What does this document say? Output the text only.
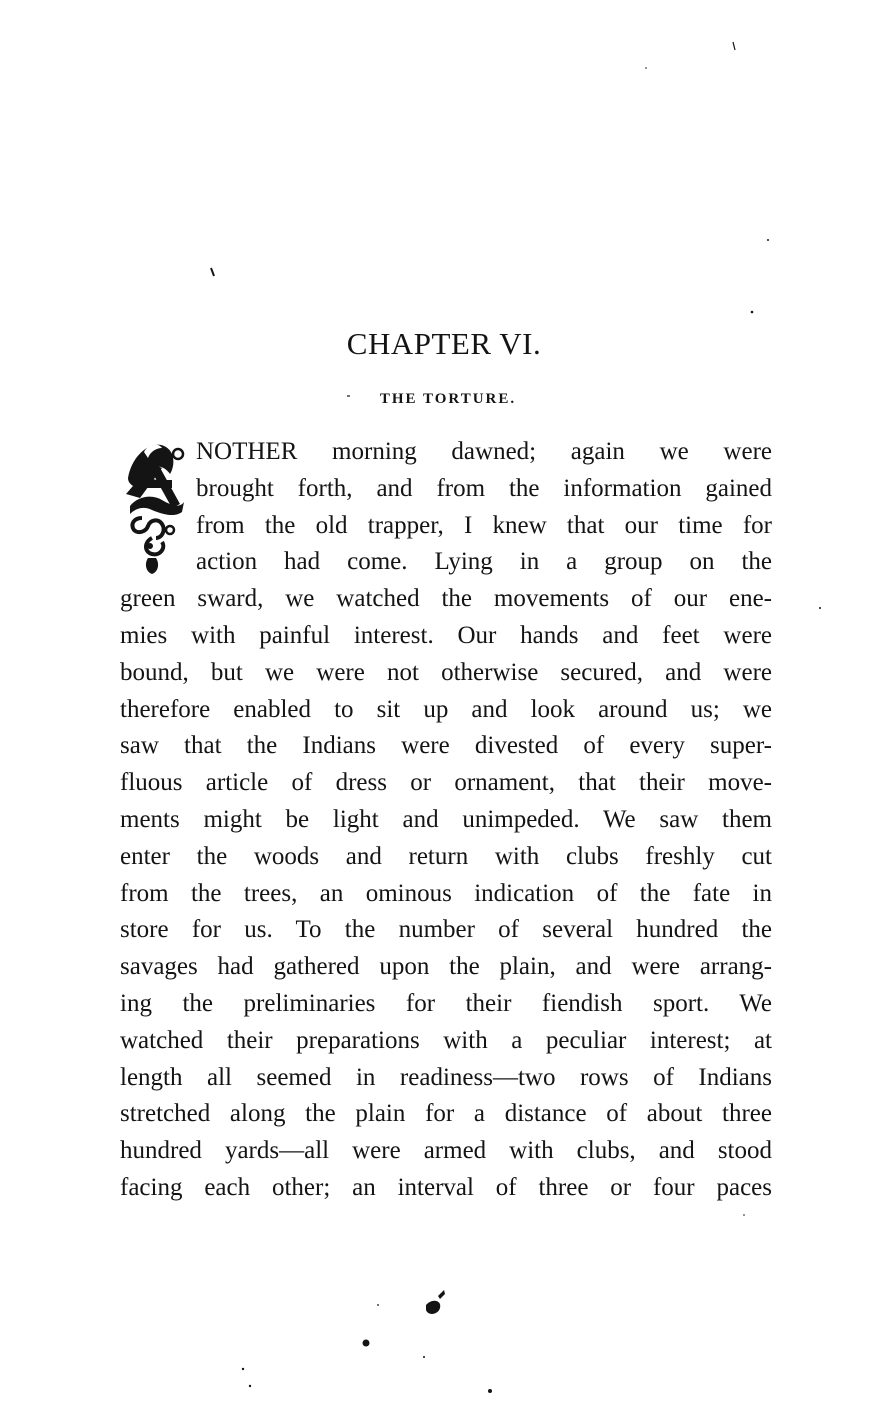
CHAPTER VI.
THE TORTURE.
NOTHER morning dawned; again we were
brought forth, and from the information gained
from the old trapper, I knew that our time for
action had come. Lying in a group on the
green sward, we watched the movements of our ene-
mies with painful interest. Our hands and feet were
bound, but we were not otherwise secured, and were
therefore enabled to sit up and look around us; we
saw that the Indians were divested of every super-
fluous article of dress or ornament, that their move-
ments might be light and unimpeded. We saw them
enter the woods and return with clubs freshly cut
from the trees, an ominous indication of the fate in
store for us. To the number of several hundred the
savages had gathered upon the plain, and were arrang-
ing the preliminaries for their fiendish sport. We
watched their preparations with a peculiar interest; at
length all seemed in readiness—two rows of Indians
stretched along the plain for a distance of about three
hundred yards—all were armed with clubs, and stood
facing each other; an interval of three or four paces
